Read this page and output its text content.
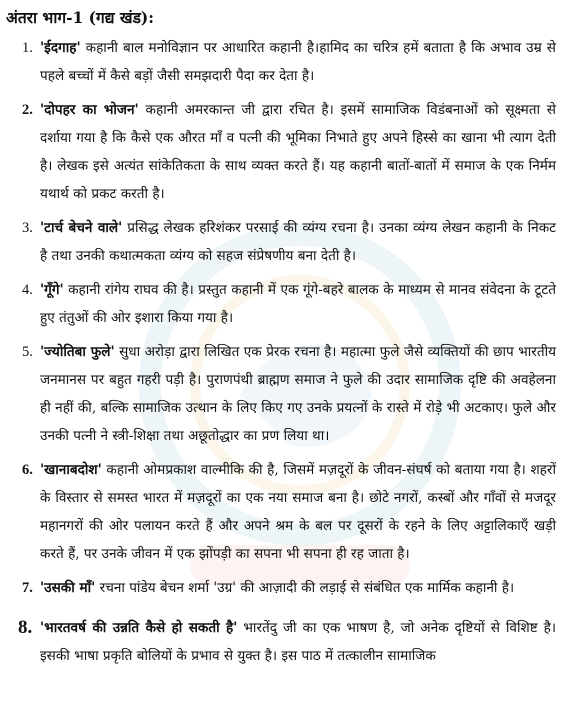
अंतरा भाग-1 (गद्य खंड):
1. 'ईदगाह' कहानी बाल मनोविज्ञान पर आधारित कहानी है।हामिद का चरित्र हमें बताता है कि अभाव उम्र से पहले बच्चों में कैसे बड़ों जैसी समझदारी पैदा कर देता है।
2. 'दोपहर का भोजन' कहानी अमरकान्त जी द्वारा रचित है। इसमें सामाजिक विडंबनाओं को सूक्ष्मता से दर्शाया गया है कि कैसे एक औरत माँ व पत्नी की भूमिका निभाते हुए अपने हिस्से का खाना भी त्याग देती है। लेखक इसे अत्यंत सांकेतिकता के साथ व्यक्त करते हैं। यह कहानी बातों-बातों में समाज के एक निर्मम यथार्थ को प्रकट करती है।
3. 'टार्च बेचने वाले' प्रसिद्ध लेखक हरिशंकर परसाई की व्यंग्य रचना है। उनका व्यंग्य लेखन कहानी के निकट है तथा उनकी कथात्मकता व्यंग्य को सहज संप्रेषणीय बना देती है।
4. 'गूँगे' कहानी रांगेय राघव की है। प्रस्तुत कहानी में एक गूंगे-बहरे बालक के माध्यम से मानव संवेदना के टूटते हुए तंतुओं की ओर इशारा किया गया है।
5. 'ज्योतिबा फुले' सुधा अरोड़ा द्वारा लिखित एक प्रेरक रचना है। महात्मा फुले जैसे व्यक्तियों की छाप भारतीय जनमानस पर बहुत गहरी पड़ी है। पुराणपंथी ब्राह्मण समाज ने फुले की उदार सामाजिक दृष्टि की अवहेलना ही नहीं की, बल्कि सामाजिक उत्थान के लिए किए गए उनके प्रयत्नों के रास्ते में रोड़े भी अटकाए। फुले और उनकी पत्नी ने स्त्री-शिक्षा तथा अछूतोद्धार का प्रण लिया था।
6. 'खानाबदोश' कहानी ओमप्रकाश वाल्मीकि की है, जिसमें मज़दूरों के जीवन-संघर्ष को बताया गया है। शहरों के विस्तार से समस्त भारत में मज़दूरों का एक नया समाज बना है। छोटे नगरों, कस्बों और गाँवों से मजदूर महानगरों की ओर पलायन करते हैं और अपने श्रम के बल पर दूसरों के रहने के लिए अट्टालिकाएँ खड़ी करते हैं, पर उनके जीवन में एक झोंपड़ी का सपना भी सपना ही रह जाता है।
7. 'उसकी माँ' रचना पांडेय बेचन शर्मा 'उग्र' की आज़ादी की लड़ाई से संबंधित एक मार्मिक कहानी है।
8. 'भारतवर्ष की उन्नति कैसे हो सकती है' भारतेंदु जी का एक भाषण है, जो अनेक दृष्टियों से विशिष्ट है। इसकी भाषा प्रकृति बोलियों के प्रभाव से युक्त है। इस पाठ में तत्कालीन सामाजिक
